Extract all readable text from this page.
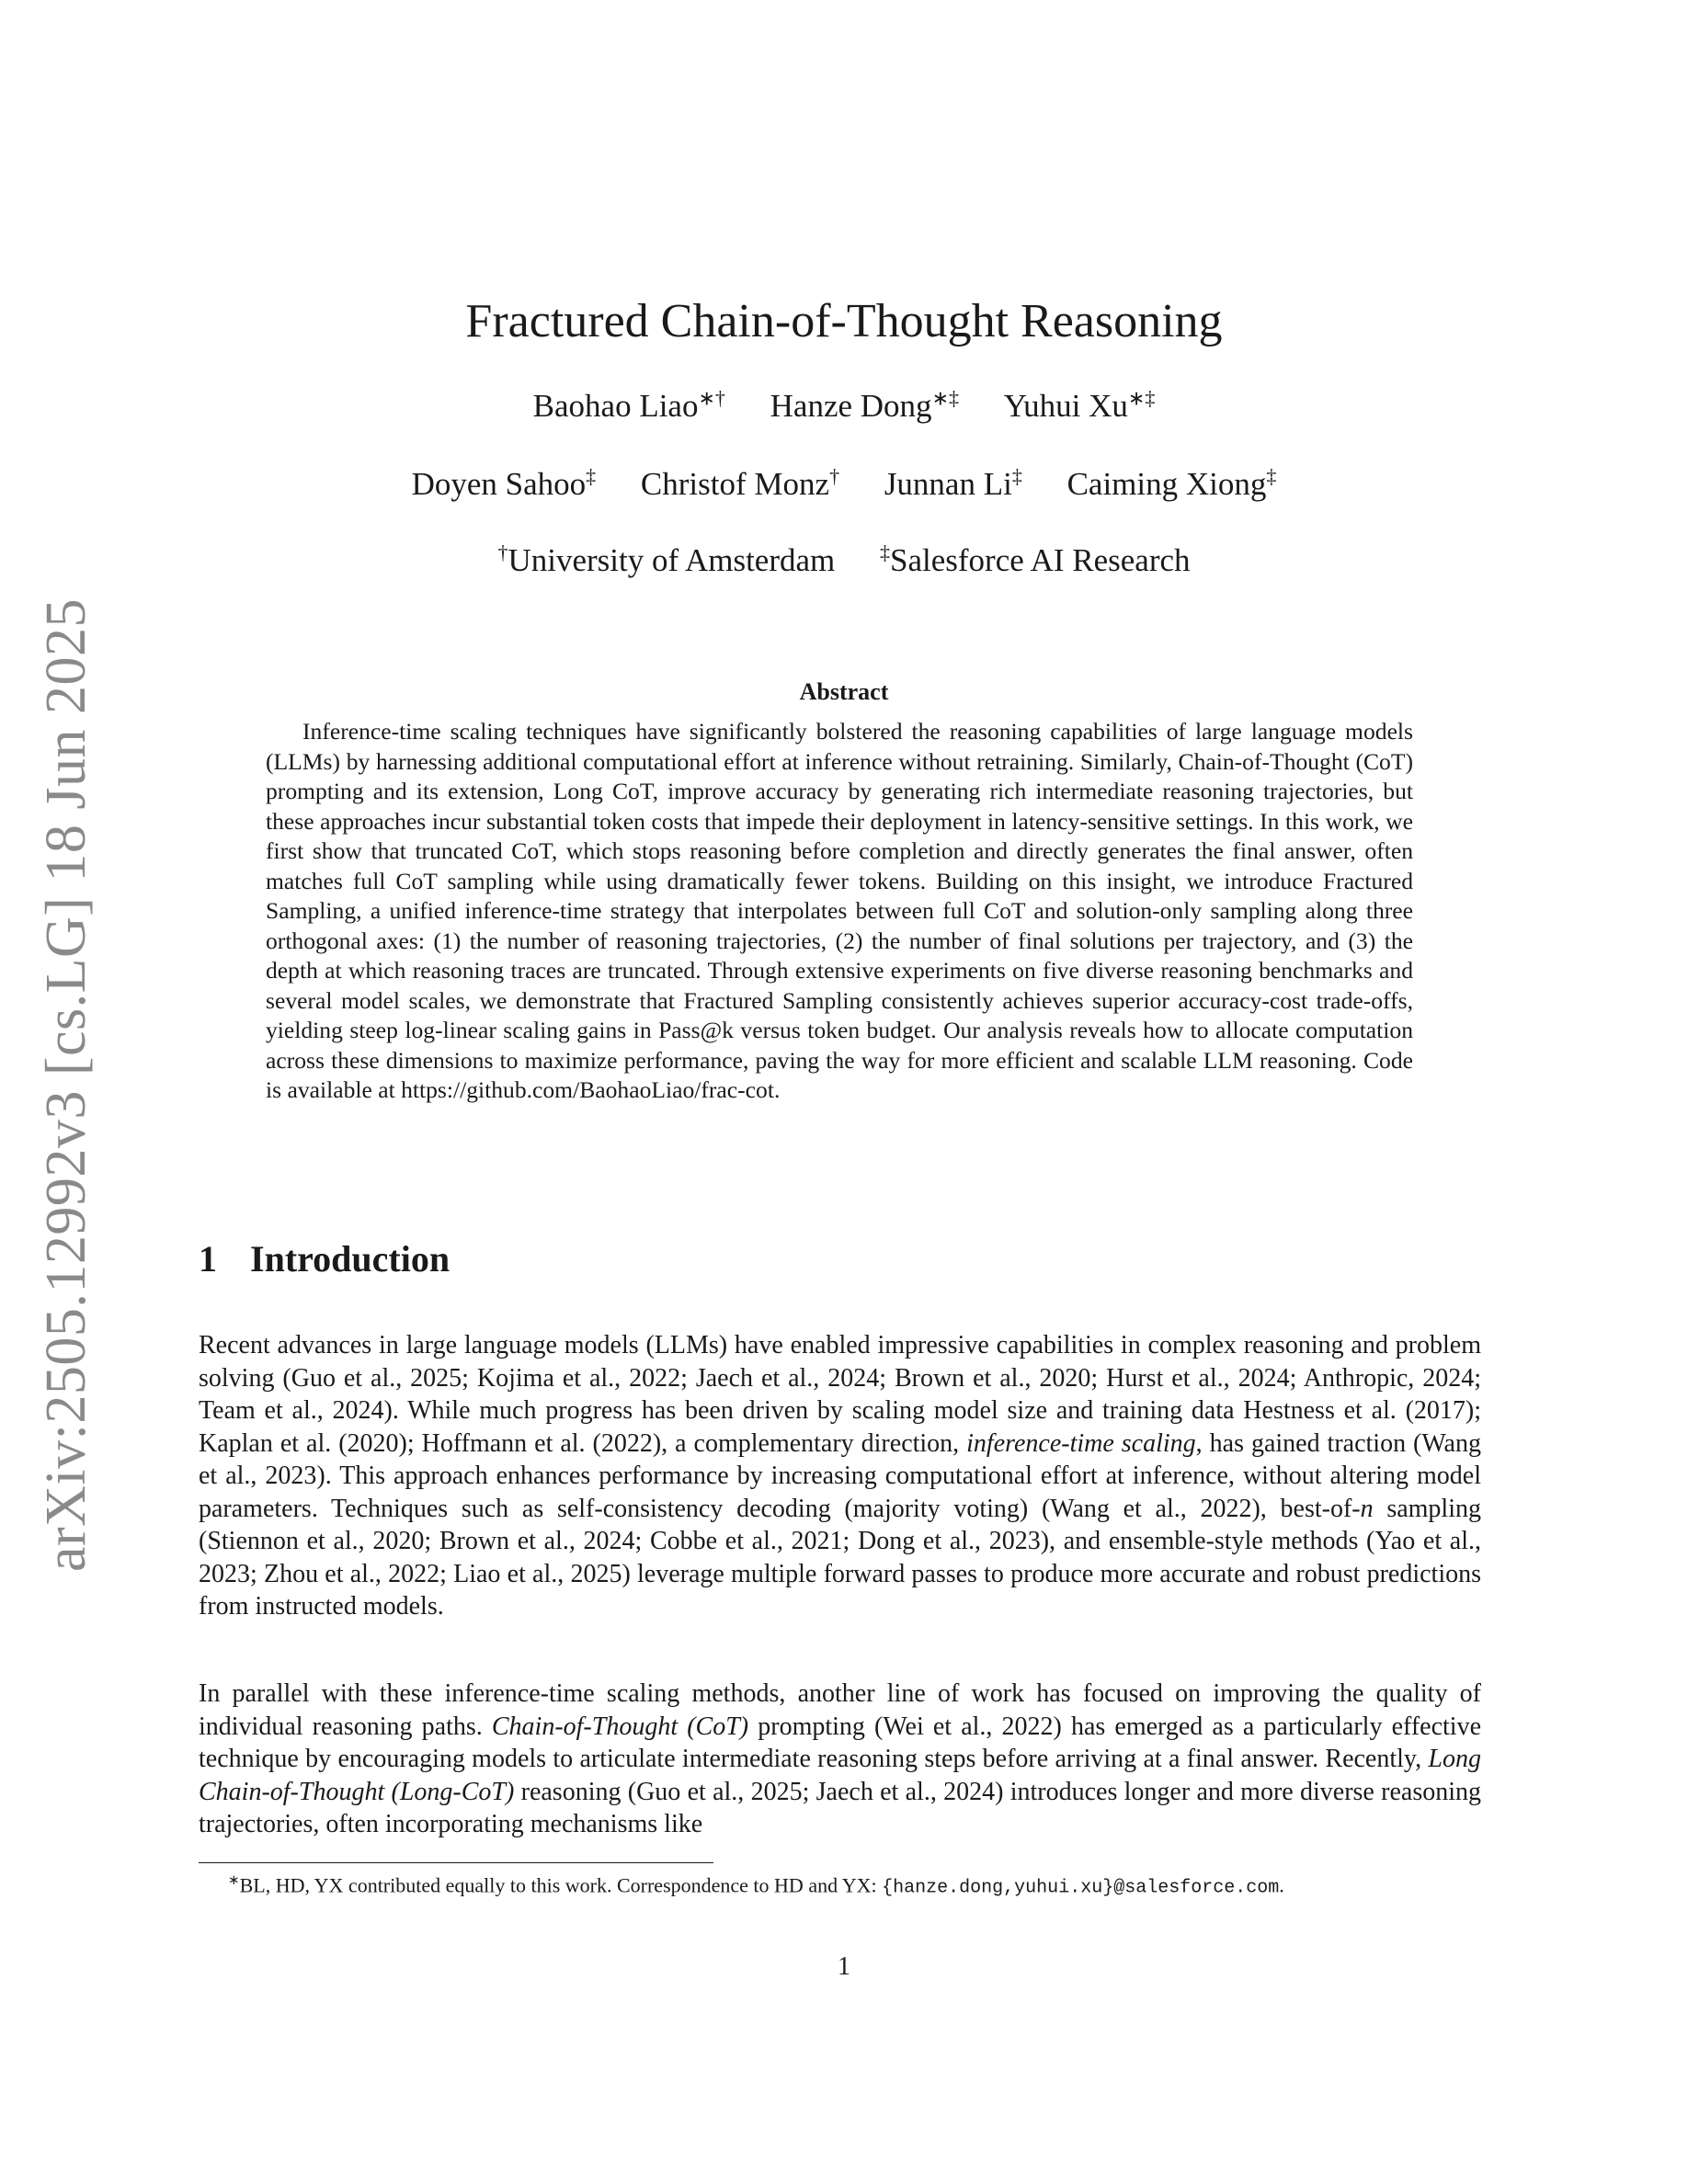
arXiv:2505.12992v3 [cs.LG] 18 Jun 2025
Fractured Chain-of-Thought Reasoning
Baohao Liao∗† Hanze Dong∗‡ Yuhui Xu∗‡
Doyen Sahoo‡ Christof Monz† Junnan Li‡ Caiming Xiong‡
†University of Amsterdam ‡Salesforce AI Research
Abstract

Inference-time scaling techniques have significantly bolstered the reasoning capabilities of large language models (LLMs) by harnessing additional computational effort at inference without retraining. Similarly, Chain-of-Thought (CoT) prompting and its extension, Long CoT, improve accuracy by generating rich intermediate reasoning trajectories, but these approaches incur substantial token costs that impede their deployment in latency-sensitive settings. In this work, we first show that truncated CoT, which stops reasoning before completion and directly generates the final answer, often matches full CoT sampling while using dramatically fewer tokens. Building on this insight, we introduce Fractured Sampling, a unified inference-time strategy that interpolates between full CoT and solution-only sampling along three orthogonal axes: (1) the number of reasoning trajectories, (2) the number of final solutions per trajectory, and (3) the depth at which reasoning traces are truncated. Through extensive experiments on five diverse reasoning benchmarks and several model scales, we demonstrate that Fractured Sampling consistently achieves superior accuracy-cost trade-offs, yielding steep log-linear scaling gains in Pass@k versus token budget. Our analysis reveals how to allocate computation across these dimensions to maximize performance, paving the way for more efficient and scalable LLM reasoning. Code is available at https://github.com/BaohaoLiao/frac-cot.

1 Introduction

Recent advances in large language models (LLMs) have enabled impressive capabilities in complex reasoning and problem solving (Guo et al., 2025; Kojima et al., 2022; Jaech et al., 2024; Brown et al., 2020; Hurst et al., 2024; Anthropic, 2024; Team et al., 2024). While much progress has been driven by scaling model size and training data Hestness et al. (2017); Kaplan et al. (2020); Hoffmann et al. (2022), a complementary direction, inference-time scaling, has gained traction (Wang et al., 2023). This approach enhances performance by increasing computational effort at inference, without altering model parameters. Techniques such as self-consistency decoding (majority voting) (Wang et al., 2022), best-of-n sampling (Stiennon et al., 2020; Brown et al., 2024; Cobbe et al., 2021; Dong et al., 2023), and ensemble-style methods (Yao et al., 2023; Zhou et al., 2022; Liao et al., 2025) leverage multiple forward passes to produce more accurate and robust predictions from instructed models.

In parallel with these inference-time scaling methods, another line of work has focused on improving the quality of individual reasoning paths. Chain-of-Thought (CoT) prompting (Wei et al., 2022) has emerged as a particularly effective technique by encouraging models to articulate intermediate reasoning steps before arriving at a final answer. Recently, Long Chain-of-Thought (Long-CoT) reasoning (Guo et al., 2025; Jaech et al., 2024) introduces longer and more diverse reasoning trajectories, often incorporating mechanisms like

∗BL, HD, YX contributed equally to this work. Correspondence to HD and YX: {hanze.dong,yuhui.xu}@salesforce.com.

1
